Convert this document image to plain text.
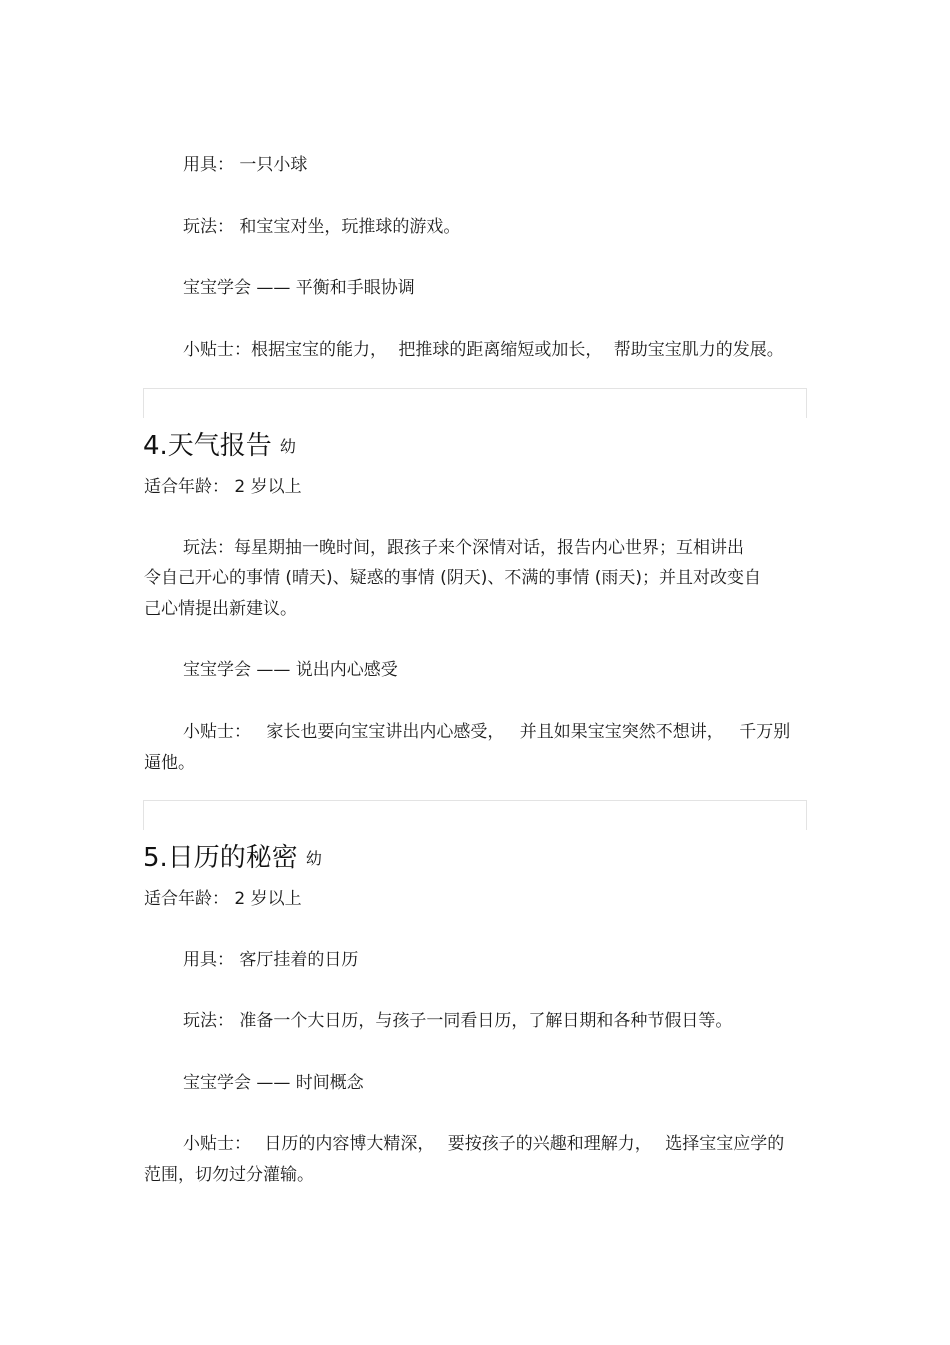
用具： 一只小球
玩法： 和宝宝对坐，玩推球的游戏。
宝宝学会 —— 平衡和手眼协调
小贴士：根据宝宝的能力， 把推球的距离缩短或加长， 帮助宝宝肌力的发展。
4.天气报告 幼
适合年龄： 2 岁以上
玩法：每星期抽一晚时间，跟孩子来个深情对话，报告内心世界；互相讲出
令自己开心的事情 (晴天)、疑惑的事情 (阴天)、不满的事情 (雨天)；并且对改变自
己心情提出新建议。
宝宝学会 —— 说出内心感受
小贴士： 家长也要向宝宝讲出内心感受， 并且如果宝宝突然不想讲， 千万别
逼他。
5.日历的秘密 幼
适合年龄： 2 岁以上
用具： 客厅挂着的日历
玩法： 准备一个大日历，与孩子一同看日历，了解日期和各种节假日等。
宝宝学会 —— 时间概念
小贴士： 日历的内容博大精深， 要按孩子的兴趣和理解力， 选择宝宝应学的
范围，切勿过分灌输。
